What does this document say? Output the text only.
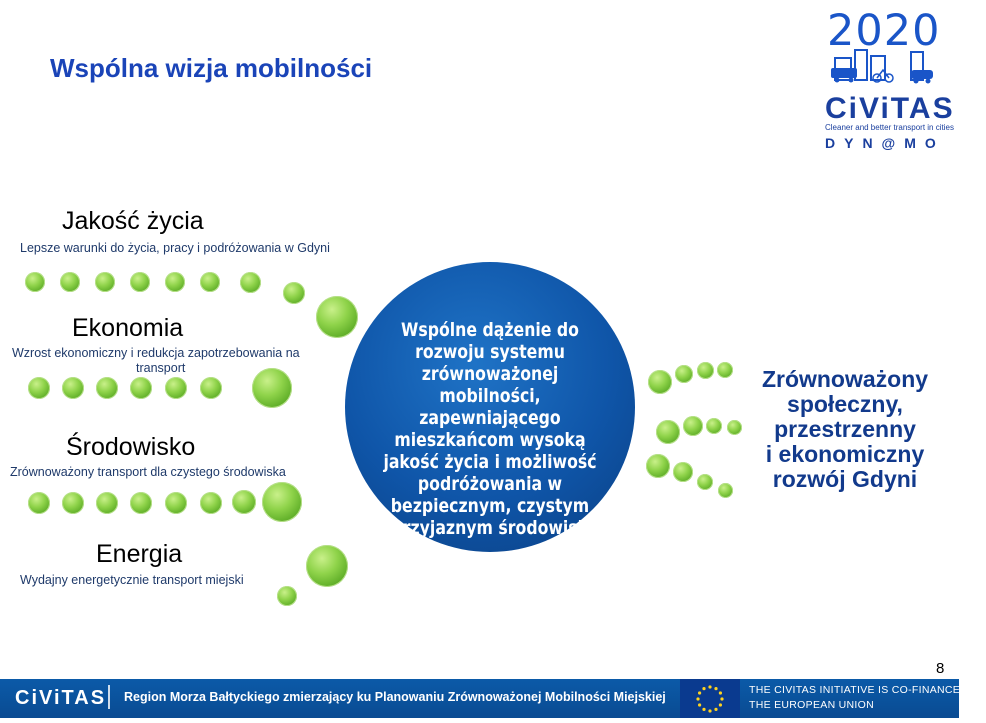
Wspólna wizja mobilności
2020
CiViTAS
Cleaner and better transport in cities
DYN@MO
Jakość życia
Lepsze warunki do życia, pracy i podróżowania w Gdyni
Ekonomia
Wzrost ekonomiczny i redukcja zapotrzebowania na
transport
Środowisko
Zrównoważony transport dla czystego środowiska
Energia
Wydajny energetycznie transport miejski
Wspólne dążenie do
rozwoju systemu
zrównoważonej
mobilności,
zapewniającego
mieszkańcom wysoką
jakość życia i możliwość
podróżowania w
bezpiecznym, czystym
i przyjaznym środowisku
Zrównoważony
społeczny,
przestrzenny
i ekonomiczny
rozwój Gdyni
8
CiViTAS Region Morza Bałtyckiego zmierzający ku Planowaniu Zrównoważonej Mobilności Miejskiej	THE CIVITAS INITIATIVE IS CO-FINANCED BY
THE EUROPEAN UNION
